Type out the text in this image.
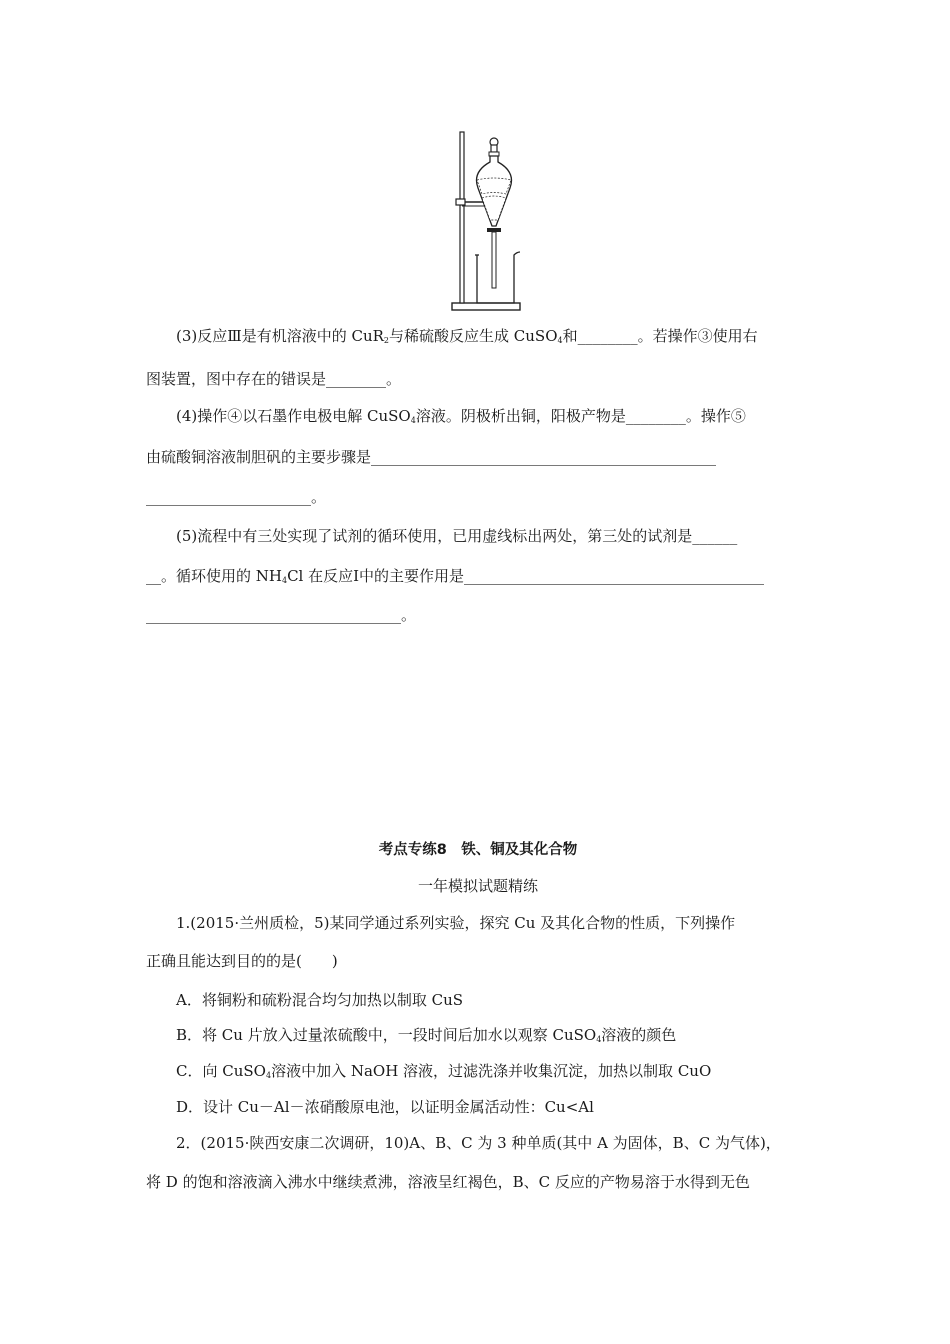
(3)反应Ⅲ是有机溶液中的 CuR$_2$与稀硫酸反应生成 CuSO$_4$和________。若操作③使用右
图装置，图中存在的错误是________。
(4)操作④以石墨作电极电解 CuSO$_4$溶液。阴极析出铜，阳极产物是________。操作⑤
由硫酸铜溶液制胆矾的主要步骤是______________________________________________
______________________。
(5)流程中有三处实现了试剂的循环使用，已用虚线标出两处，第三处的试剂是______
__。循环使用的 $NH_4Cl$ 在反应Ⅰ中的主要作用是________________________________________
__________________________________。
考点专练8　铁、铜及其化合物
一年模拟试题精练
1.(2015·兰州质检，5)某同学通过系列实验，探究 Cu 及其化合物的性质，下列操作
正确且能达到目的的是(　　)
A．将铜粉和硫粉混合均匀加热以制取 CuS
B．将 Cu 片放入过量浓硫酸中，一段时间后加水以观察 CuSO$_4$溶液的颜色
C．向 CuSO$_4$溶液中加入 NaOH 溶液，过滤洗涤并收集沉淀，加热以制取 CuO
D．设计 Cu－Al－浓硝酸原电池，以证明金属活动性：Cu<Al
2．(2015·陕西安康二次调研，10)A、B、C 为 3 种单质(其中 A 为固体，B、C 为气体)，
将 D 的饱和溶液滴入沸水中继续煮沸，溶液呈红褐色，B、C 反应的产物易溶于水得到无色
